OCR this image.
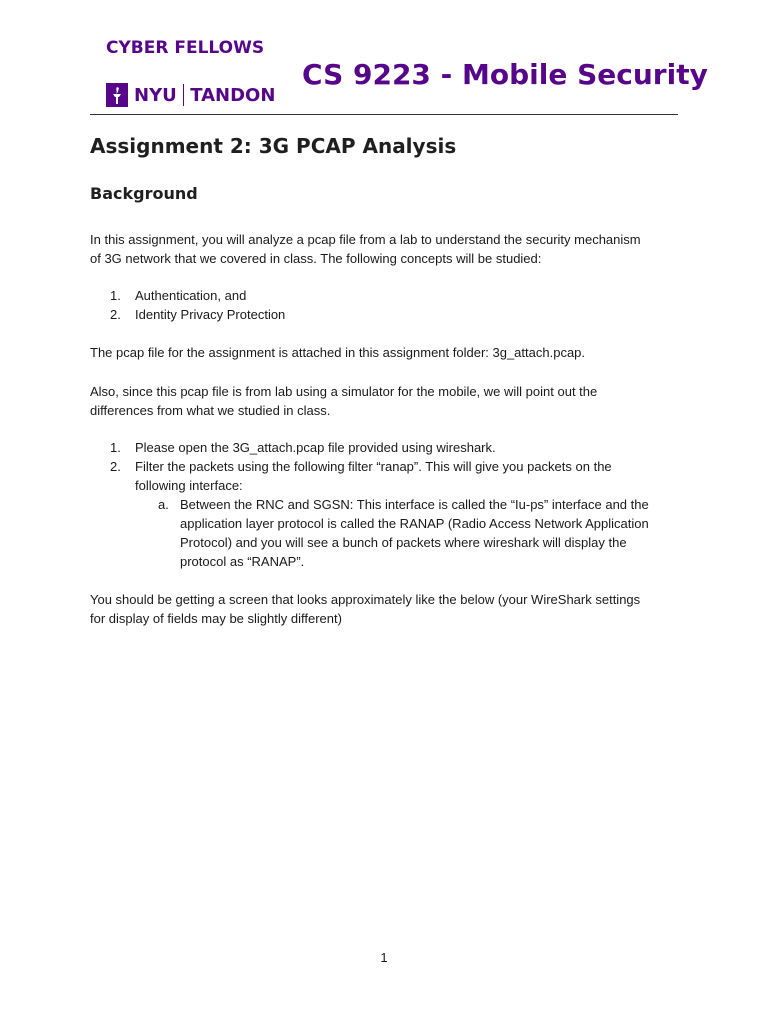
CYBER FELLOWS
NYU TANDON
CS 9223 - Mobile Security
Assignment 2: 3G PCAP Analysis
Background

In this assignment, you will analyze a pcap file from a lab to understand the security mechanism

of 3G network that we covered in class. The following concepts will be studied:

1.	Authentication, and
2.	Identity Privacy Protection

The pcap file for the assignment is attached in this assignment folder: 3g_attach.pcap.

Also, since this pcap file is from lab using a simulator for the mobile, we will point out the

differences from what we studied in class.

1.	Please open the 3G_attach.pcap file provided using wireshark.
2.	Filter the packets using the following filter “ranap”. This will give you packets on the
following interface:
a. Between the RNC and SGSN: This interface is called the “Iu-ps” interface and the
application layer protocol is called the RANAP (Radio Access Network Application
Protocol) and you will see a bunch of packets where wireshark will display the
protocol as “RANAP”.

You should be getting a screen that looks approximately like the below (your WireShark settings

for display of fields may be slightly different)

1
